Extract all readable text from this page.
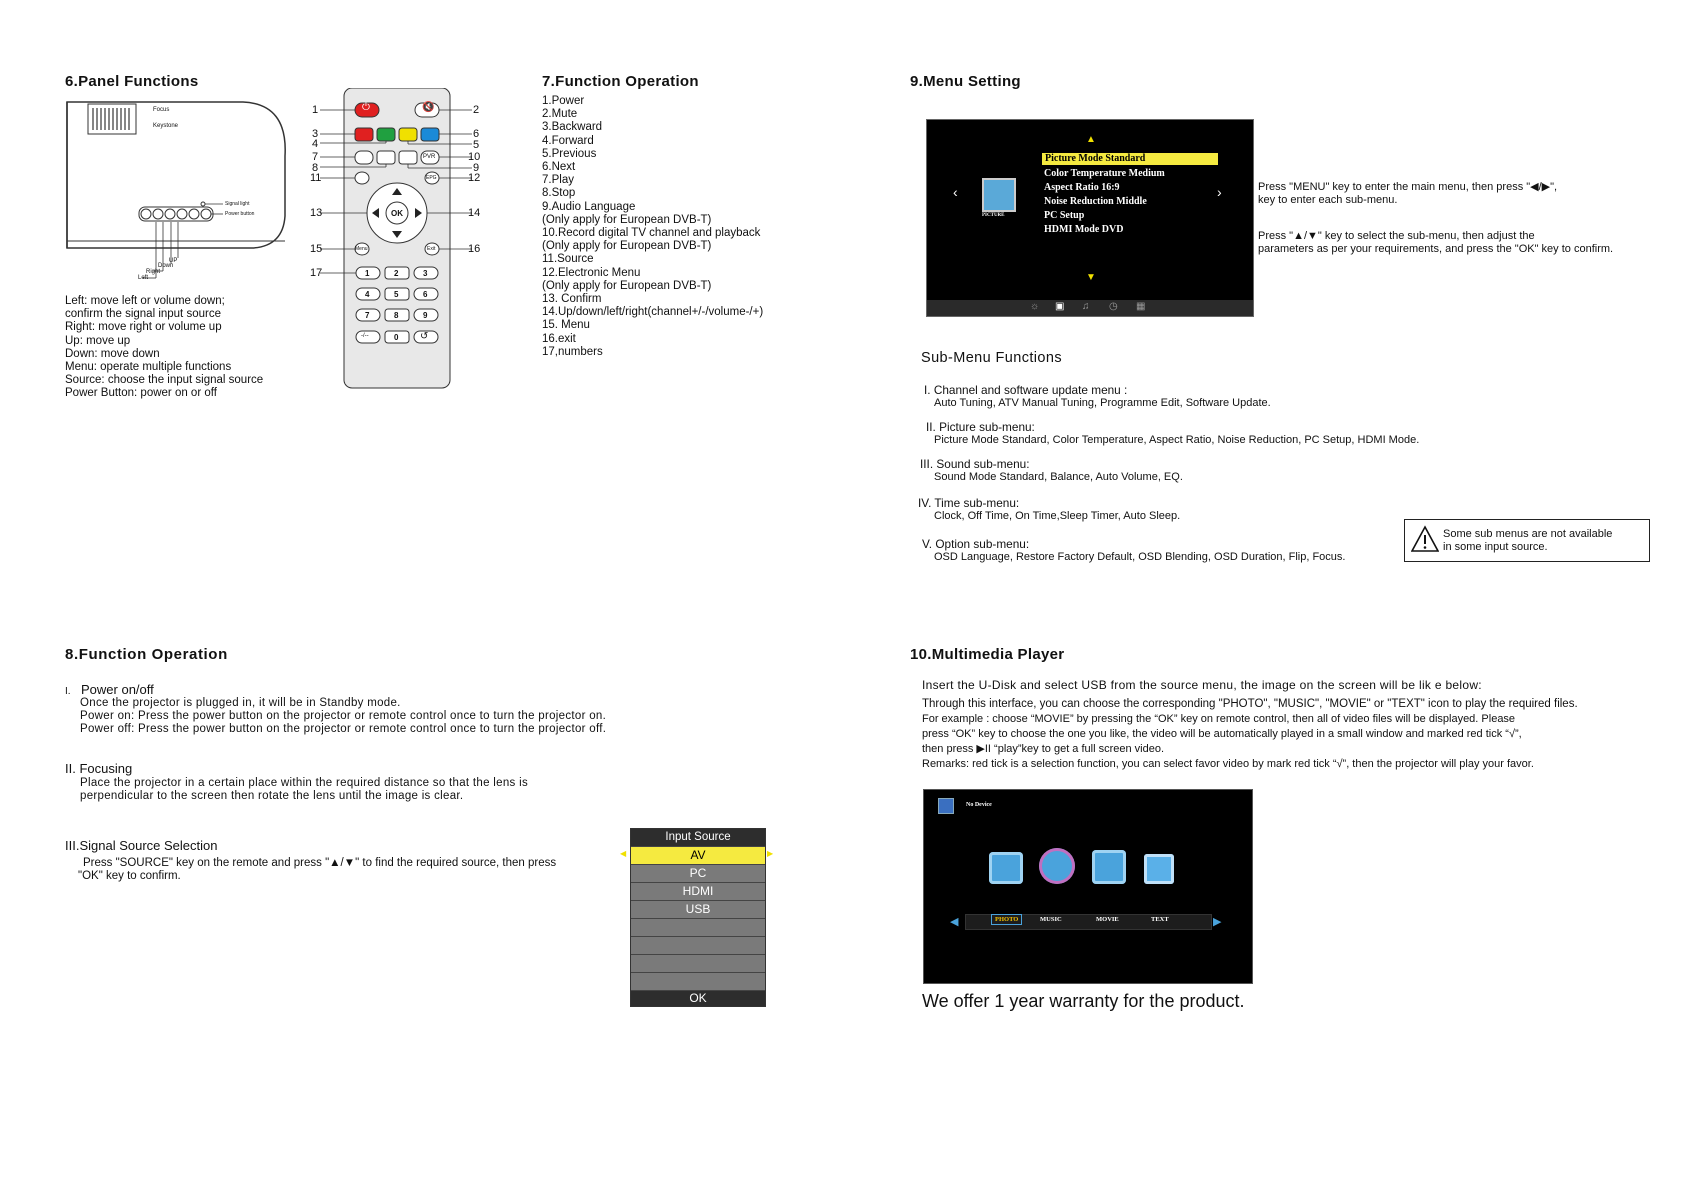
6.Panel Functions
Focus
Keystone
Signal light
Power button
UP
Down
Right
Left
Left: move left or volume down;
confirm the signal input source
Right: move right or volume up
Up: move up
Down: move down
Menu: operate multiple functions
Source: choose the input signal source
Power Button: power on or off
OK
PVR
EPG
Menu	Exit
1	2	3
4	5	6
7	8	9
-/--	0
⏻	🔇
↺
1	2
3
4	5
6
7
8	9
10
11	12
13	14
15	16
17
7.Function Operation
1.Power
2.Mute
3.Backward
4.Forward
5.Previous
6.Next
7.Play
8.Stop
9.Audio Language
(Only apply for European DVB-T)
10.Record digital TV channel and playback
(Only apply for European DVB-T)
11.Source
12.Electronic Menu
(Only apply for European DVB-T)
13. Confirm
14.Up/down/left/right(channel+/-/volume-/+)
15. Menu
16.exit
17,numbers
9.Menu Setting
▲
▼
‹	›
PICTURE
Picture Mode Standard
Color Temperature Medium
Aspect Ratio 16:9
Noise Reduction Middle
PC Setup
HDMI Mode DVD
☼ ▣ ♫ ◷ ▦
Press "MENU" key to enter the main menu, then press "◀/▶",
key to enter each sub-menu.
Press "▲/▼" key to select the sub-menu, then adjust the
parameters as per your requirements, and press the "OK" key to confirm.
Sub-Menu Functions
I. Channel and software update menu :
Auto Tuning, ATV Manual Tuning, Programme Edit, Software Update.
II. Picture sub-menu:
Picture Mode Standard, Color Temperature, Aspect Ratio, Noise Reduction, PC Setup, HDMI Mode.
III. Sound sub-menu:
Sound Mode Standard, Balance, Auto Volume, EQ.
IV. Time sub-menu:
Clock, Off Time, On Time,Sleep Timer, Auto Sleep.
V. Option sub-menu:
OSD Language, Restore Factory Default, OSD Blending, OSD Duration, Flip, Focus.
Some sub menus are not available
in some input source.
8.Function Operation
I. Power on/off
Once the projector is plugged in, it will be in Standby mode.
Power on: Press the power button on the projector or remote control once to turn the projector on.
Power off: Press the power button on the projector or remote control once to turn the projector off.
II. Focusing
Place the projector in a certain place within the required distance so that the lens is
perpendicular to the screen then rotate the lens until the image is clear.
III.Signal Source Selection
Press "SOURCE" key on the remote and press "▲/▼" to find the required source, then press
"OK" key to confirm.
Input Source
AV
PC
HDMI
USB
OK
◀	▶
10.Multimedia Player
Insert the U-Disk and select USB from the source menu, the image on the screen will be lik e below:
Through this interface, you can choose the corresponding "PHOTO", "MUSIC", "MOVIE" or "TEXT" icon to play the required files.
For example : choose “MOVIE” by pressing the “OK” key on remote control, then all of video files will be displayed. Please
press “OK” key to choose the one you like, the video will be automatically played in a small window and marked red tick “√”,
then press ▶II “play”key to get a full screen video.
Remarks: red tick is a selection function, you can select favor video by mark red tick “√”, then the projector will play your favor.
No Device
◀	▶
PHOTO	MUSIC	MOVIE	TEXT
We offer 1 year warranty for the product.
